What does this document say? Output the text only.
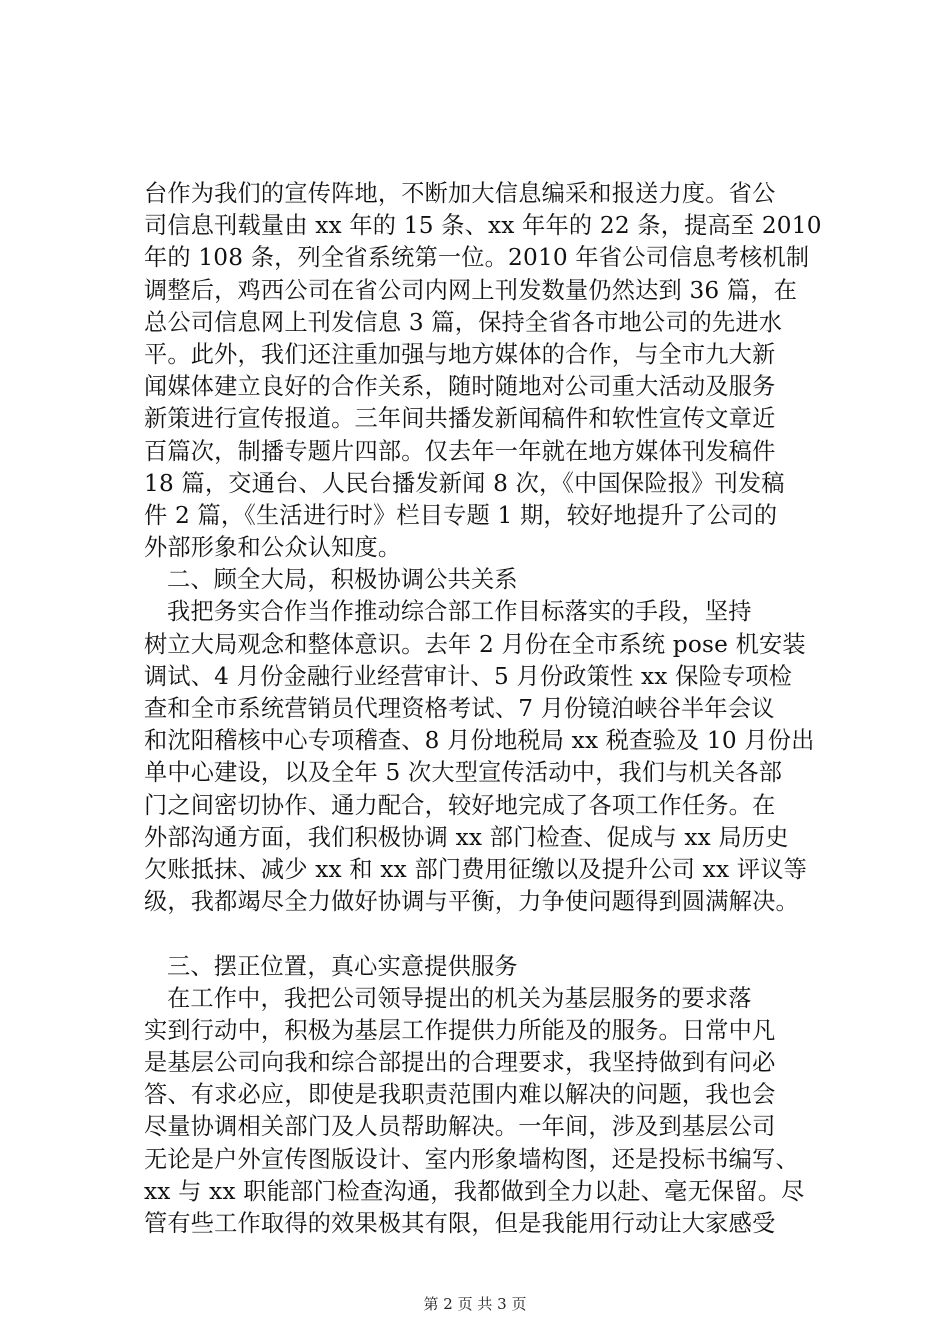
台作为我们的宣传阵地，不断加大信息编采和报送力度。省公
司信息刊载量由 xx 年的 15 条、xx 年年的 22 条，提高至 2010
年的 108 条，列全省系统第一位。2010 年省公司信息考核机制
调整后，鸡西公司在省公司内网上刊发数量仍然达到 36 篇，在
总公司信息网上刊发信息 3 篇，保持全省各市地公司的先进水
平。此外，我们还注重加强与地方媒体的合作，与全市九大新
闻媒体建立良好的合作关系，随时随地对公司重大活动及服务
新策进行宣传报道。三年间共播发新闻稿件和软性宣传文章近
百篇次，制播专题片四部。仅去年一年就在地方媒体刊发稿件
18 篇，交通台、人民台播发新闻 8 次，《中国保险报》刊发稿
件 2 篇，《生活进行时》栏目专题 1 期，较好地提升了公司的
外部形象和公众认知度。
二、顾全大局，积极协调公共关系
我把务实合作当作推动综合部工作目标落实的手段，坚持
树立大局观念和整体意识。去年 2 月份在全市系统 pose 机安装
调试、4 月份金融行业经营审计、5 月份政策性 xx 保险专项检
查和全市系统营销员代理资格考试、7 月份镜泊峡谷半年会议
和沈阳稽核中心专项稽查、8 月份地税局 xx 税查验及 10 月份出
单中心建设，以及全年 5 次大型宣传活动中，我们与机关各部
门之间密切协作、通力配合，较好地完成了各项工作任务。在
外部沟通方面，我们积极协调 xx 部门检查、促成与 xx 局历史
欠账抵抹、减少 xx 和 xx 部门费用征缴以及提升公司 xx 评议等
级，我都竭尽全力做好协调与平衡，力争使问题得到圆满解决。
三、摆正位置，真心实意提供服务
在工作中，我把公司领导提出的机关为基层服务的要求落
实到行动中，积极为基层工作提供力所能及的服务。日常中凡
是基层公司向我和综合部提出的合理要求，我坚持做到有问必
答、有求必应，即使是我职责范围内难以解决的问题，我也会
尽量协调相关部门及人员帮助解决。一年间，涉及到基层公司
无论是户外宣传图版设计、室内形象墙构图，还是投标书编写、
xx 与 xx 职能部门检查沟通，我都做到全力以赴、毫无保留。尽
管有些工作取得的效果极其有限，但是我能用行动让大家感受
第 2 页 共 3 页
